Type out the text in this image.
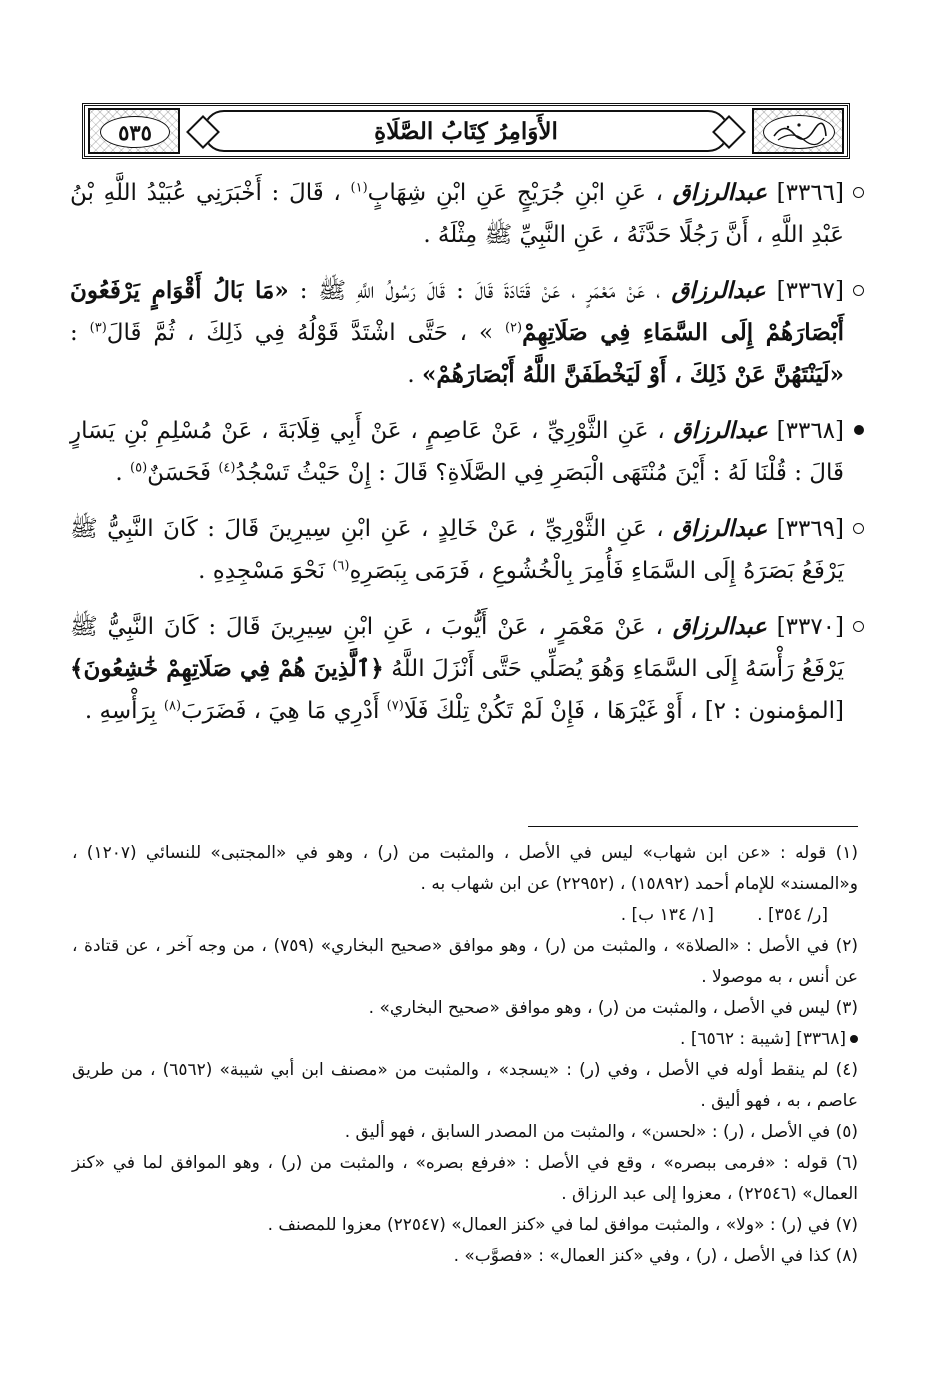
٥٣٥	الأَوَامِرُ كِتَابُ الصَّلَاةِ
[٣٣٦٦] عبدالرزاق ، عَنِ ابْنِ جُرَيْجٍ عَنِ ابْنِ شِهَابٍ$^{(١)}$ ، قَالَ : أَخْبَرَنِي عُبَيْدُ اللَّهِ بْنُ عَبْدِ اللَّهِ ، أَنَّ رَجُلًا حَدَّثَهُ ، عَنِ النَّبِيِّ ﷺ مِثْلَهُ .
[٣٣٦٧] عبدالرزاق ، عَنْ مَعْمَرٍ ، عَنْ قَتَادَةَ قَالَ : قَالَ رَسُولُ اللَّهِ ﷺ : «مَا بَالُ أَقْوَامٍ يَرْفَعُونَ أَبْصَارَهُمْ إِلَى السَّمَاءِ فِي صَلَاتِهِمْ$^{(٢)}$ » ، حَتَّى اشْتَدَّ قَوْلُهُ فِي ذَلِكَ ، ثُمَّ قَالَ$^{(٣)}$ : «لَيَنْتَهُنَّ عَنْ ذَلِكَ ، أَوْ لَيَخْطَفَنَّ اللَّهُ أَبْصَارَهُمْ» .
[٣٣٦٨] عبدالرزاق ، عَنِ الثَّوْرِيِّ ، عَنْ عَاصِمٍ ، عَنْ أَبِي قِلَابَةَ ، عَنْ مُسْلِمِ بْنِ يَسَارٍ قَالَ : قُلْنَا لَهُ : أَيْنَ مُنْتَهَى الْبَصَرِ فِي الصَّلَاةِ؟ قَالَ : إِنْ حَيْثُ تَسْجُدُ$^{(٤)}$ فَحَسَنٌ$^{(٥)}$ .
[٣٣٦٩] عبدالرزاق ، عَنِ الثَّوْرِيِّ ، عَنْ خَالِدٍ ، عَنِ ابْنِ سِيرِينَ قَالَ : كَانَ النَّبِيُّ ﷺ يَرْفَعُ بَصَرَهُ إِلَى السَّمَاءِ فَأُمِرَ بِالْخُشُوعِ ، فَرَمَى بِبَصَرِهِ$^{(٦)}$ نَحْوَ مَسْجِدِهِ .
[٣٣٧٠] عبدالرزاق ، عَنْ مَعْمَرٍ ، عَنْ أَيُّوبَ ، عَنِ ابْنِ سِيرِينَ قَالَ : كَانَ النَّبِيُّ ﷺ يَرْفَعُ رَأْسَهُ إِلَى السَّمَاءِ وَهُوَ يُصَلِّي حَتَّى أَنْزَلَ اللَّهُ ﴿ٱلَّذِينَ هُمْ فِي صَلَاتِهِمْ خَٰشِعُونَ﴾ [المؤمنون : ٢] ، أَوْ غَيْرَهَا ، فَإِنْ لَمْ تَكُنْ تِلْكَ فَلَا$^{(٧)}$ أَدْرِي مَا هِيَ ، فَضَرَبَ$^{(٨)}$ بِرَأْسِهِ .
(١) قوله : «عن ابن شهاب» ليس في الأصل ، والمثبت من (ر) ، وهو في «المجتبى» للنسائي (١٢٠٧) ، و«المسند» للإمام أحمد (١٥٨٩٢) ، (٢٢٩٥٢) عن ابن شهاب به .
[ر/ ٣٥٤] .        [١/ ١٣٤ ب] .
(٢) في الأصل : «الصلاة» ، والمثبت من (ر) ، وهو موافق «صحيح البخاري» (٧٥٩) ، من وجه آخر ، عن قتادة ، عن أنس ، به موصولا .
(٣) ليس في الأصل ، والمثبت من (ر) ، وهو موافق «صحيح البخاري» .
[٣٣٦٨] [شيبة : ٦٥٦٢] .
(٤) لم ينقط أوله في الأصل ، وفي (ر) : «يسجد» ، والمثبت من «مصنف ابن أبي شيبة» (٦٥٦٢) ، من طريق عاصم ، به ، فهو أليق .
(٥) في الأصل ، (ر) : «لحسن» ، والمثبت من المصدر السابق ، فهو أليق .
(٦) قوله : «فرمى ببصره» ، وقع في الأصل : «فرفع بصره» ، والمثبت من (ر) ، وهو الموافق لما في «كنز العمال» (٢٢٥٤٦) ، معزوا إلى عبد الرزاق .
(٧) في (ر) : «ولا» ، والمثبت موافق لما في «كنز العمال» (٢٢٥٤٧) معزوا للمصنف .
(٨) كذا في الأصل ، (ر) ، وفي «كنز العمال» : «فصوَّب» .
